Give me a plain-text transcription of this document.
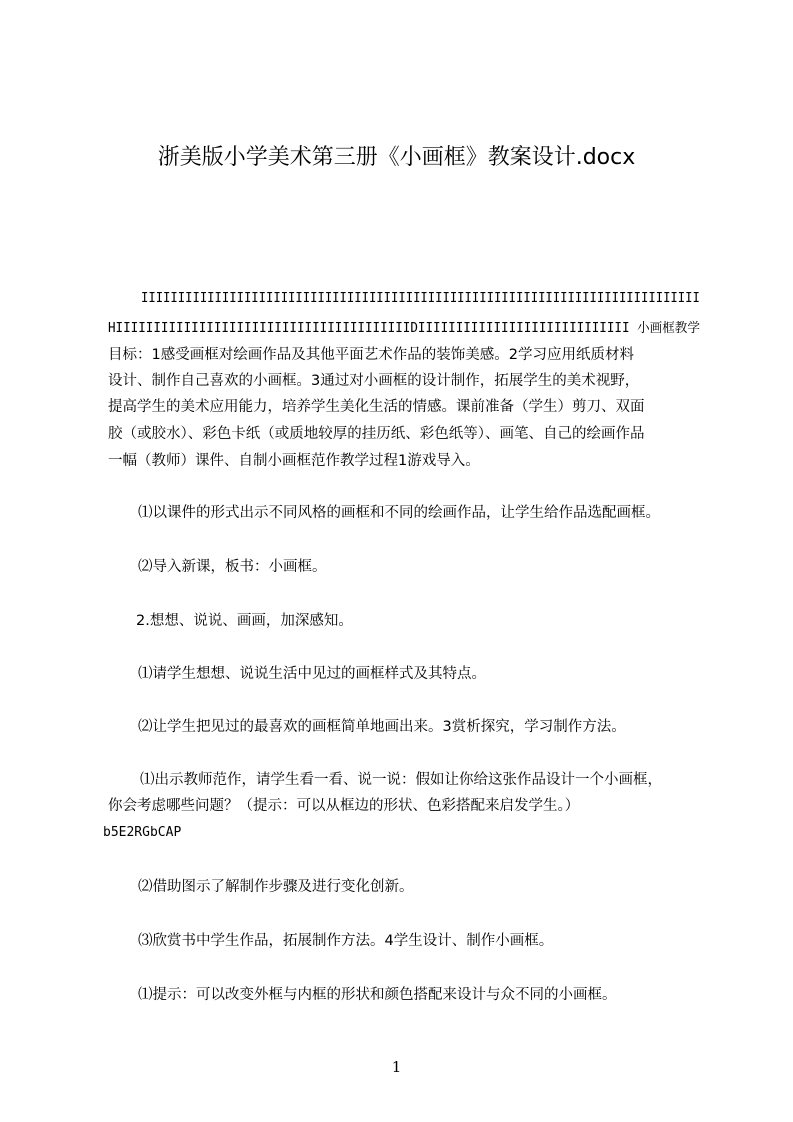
浙美版小学美术第三册《小画框》教案设计.docx
IIIIIIIIIIIIIIIIIIIIIIIIIIIIIIIIIIIIIIIIIIIIIIIIIIIIIIIIIIIIIIIIIIIIIIIIIIII
HIIIIIIIIIIIIIIIIIIIIIIIIIIIIIIIIIIIIIIIDIIIIIIIIIIIIIIIIIIIIIIIIIIII 小画框教学
目标：1感受画框对绘画作品及其他平面艺术作品的装饰美感。2学习应用纸质材料
设计、制作自己喜欢的小画框。3通过对小画框的设计制作，拓展学生的美术视野，
提高学生的美术应用能力，培养学生美化生活的情感。课前准备（学生）剪刀、双面
胶（或胶水）、彩色卡纸（或质地较厚的挂历纸、彩色纸等）、画笔、自己的绘画作品
一幅（教师）课件、自制小画框范作教学过程1游戏导入。
⑴以课件的形式出示不同风格的画框和不同的绘画作品，让学生给作品选配画框。
⑵导入新课，板书：小画框。
2.想想、说说、画画，加深感知。
⑴请学生想想、说说生活中见过的画框样式及其特点。
⑵让学生把见过的最喜欢的画框简单地画出来。3赏析探究，学习制作方法。
⑴出示教师范作，请学生看一看、说一说：假如让你给这张作品设计一个小画框，
你会考虑哪些问题？（提示：可以从框边的形状、色彩搭配来启发学生。）
b5E2RGbCAP
⑵借助图示了解制作步骤及进行变化创新。
⑶欣赏书中学生作品，拓展制作方法。4学生设计、制作小画框。
⑴提示：可以改变外框与内框的形状和颜色搭配来设计与众不同的小画框。
1
